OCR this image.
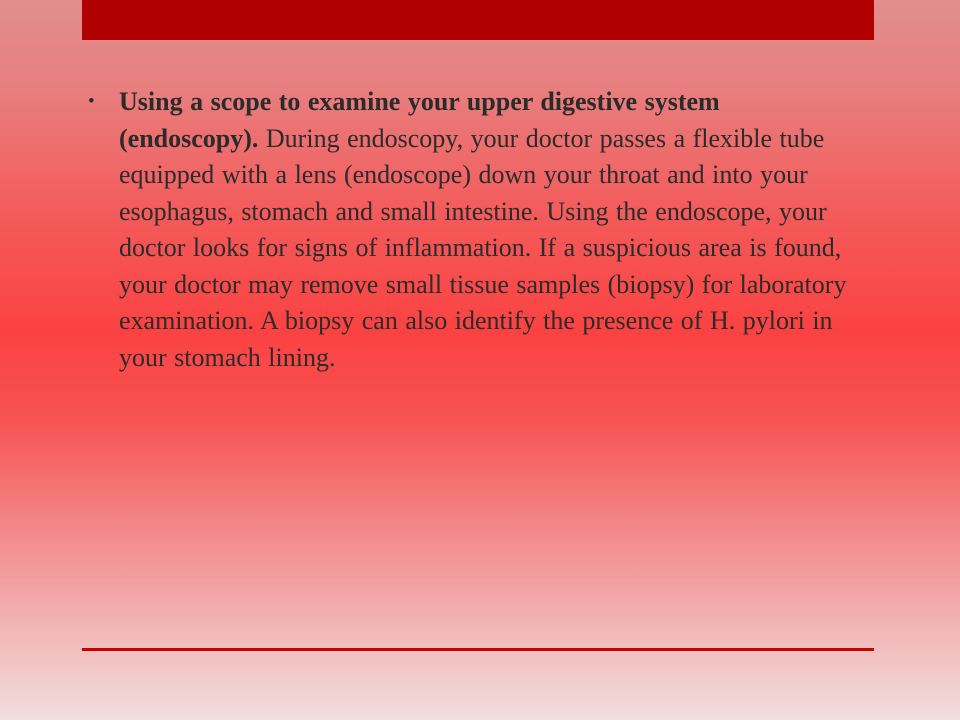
• Using a scope to examine your upper digestive system (endoscopy). During endoscopy, your doctor passes a flexible tube equipped with a lens (endoscope) down your throat and into your esophagus, stomach and small intestine. Using the endoscope, your doctor looks for signs of inflammation. If a suspicious area is found, your doctor may remove small tissue samples (biopsy) for laboratory examination. A biopsy can also identify the presence of H. pylori in your stomach lining.
